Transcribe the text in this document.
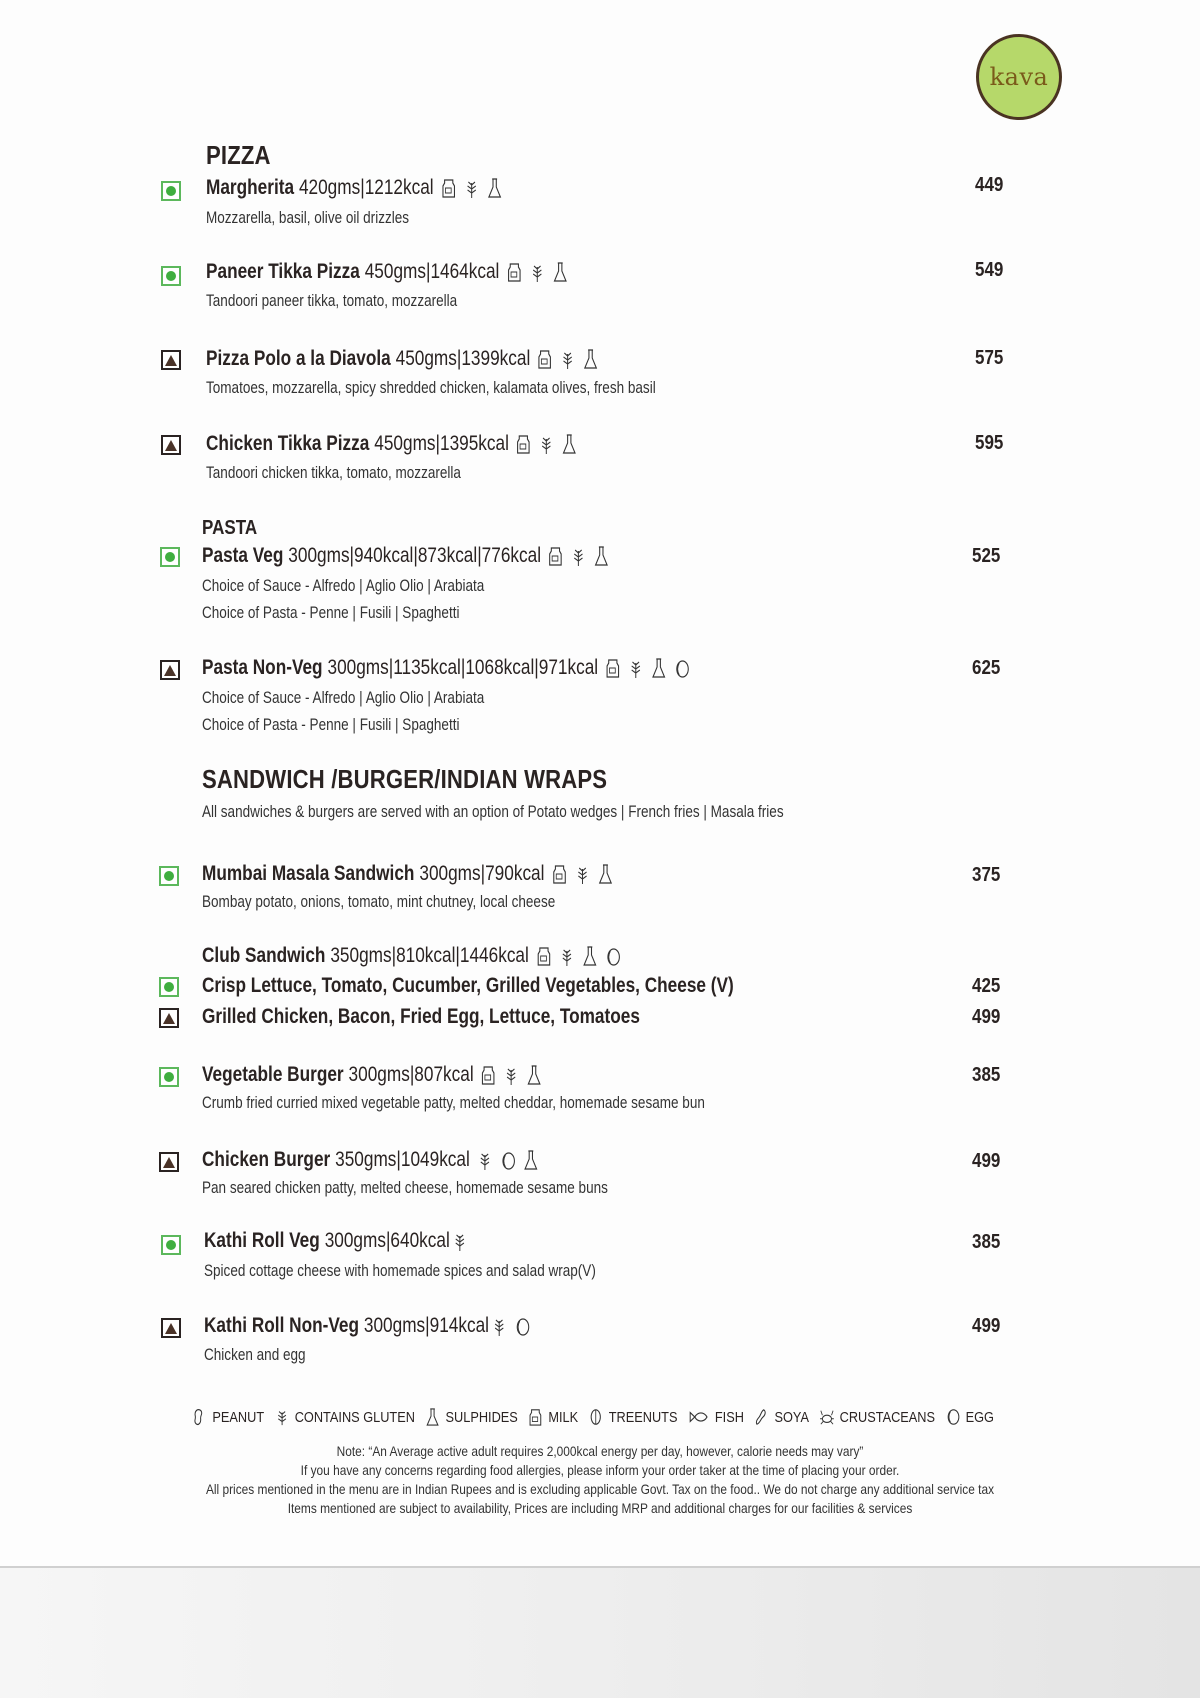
kava
PIZZA
Margherita 420gms|1212kcal
Mozzarella, basil, olive oil drizzles
449
Paneer Tikka Pizza 450gms|1464kcal
Tandoori paneer tikka, tomato, mozzarella
549
Pizza Polo a la Diavola 450gms|1399kcal
Tomatoes, mozzarella, spicy shredded chicken, kalamata olives, fresh basil
575
Chicken Tikka Pizza 450gms|1395kcal
Tandoori chicken tikka, tomato, mozzarella
595
PASTA
Pasta Veg 300gms|940kcal|873kcal|776kcal
Choice of Sauce - Alfredo | Aglio Olio | Arabiata
Choice of Pasta - Penne | Fusili | Spaghetti
525
Pasta Non-Veg 300gms|1135kcal|1068kcal|971kcal
Choice of Sauce - Alfredo | Aglio Olio | Arabiata
Choice of Pasta - Penne | Fusili | Spaghetti
625
SANDWICH /BURGER/INDIAN WRAPS
All sandwiches & burgers are served with an option of Potato wedges | French fries | Masala fries
Mumbai Masala Sandwich 300gms|790kcal
Bombay potato, onions, tomato, mint chutney, local cheese
375
Club Sandwich 350gms|810kcal|1446kcal
Crisp Lettuce, Tomato, Cucumber, Grilled Vegetables, Cheese (V)	425
Grilled Chicken, Bacon, Fried Egg, Lettuce, Tomatoes	499
Vegetable Burger 300gms|807kcal
Crumb fried curried mixed vegetable patty, melted cheddar, homemade sesame bun
385
Chicken Burger 350gms|1049kcal
Pan seared chicken patty, melted cheese, homemade sesame buns
499
Kathi Roll Veg 300gms|640kcal
Spiced cottage cheese with homemade spices and salad wrap(V)
385
Kathi Roll Non-Veg 300gms|914kcal
Chicken and egg
499
PEANUT CONTAINS GLUTEN SULPHIDES MILK TREENUTS FISH SOYA CRUSTACEANS EGG
Note: “An Average active adult requires 2,000kcal energy per day, however, calorie needs may vary”
If you have any concerns regarding food allergies, please inform your order taker at the time of placing your order.
All prices mentioned in the menu are in Indian Rupees and is excluding applicable Govt. Tax on the food.. We do not charge any additional service tax
Items mentioned are subject to availability, Prices are including MRP and additional charges for our facilities & services
